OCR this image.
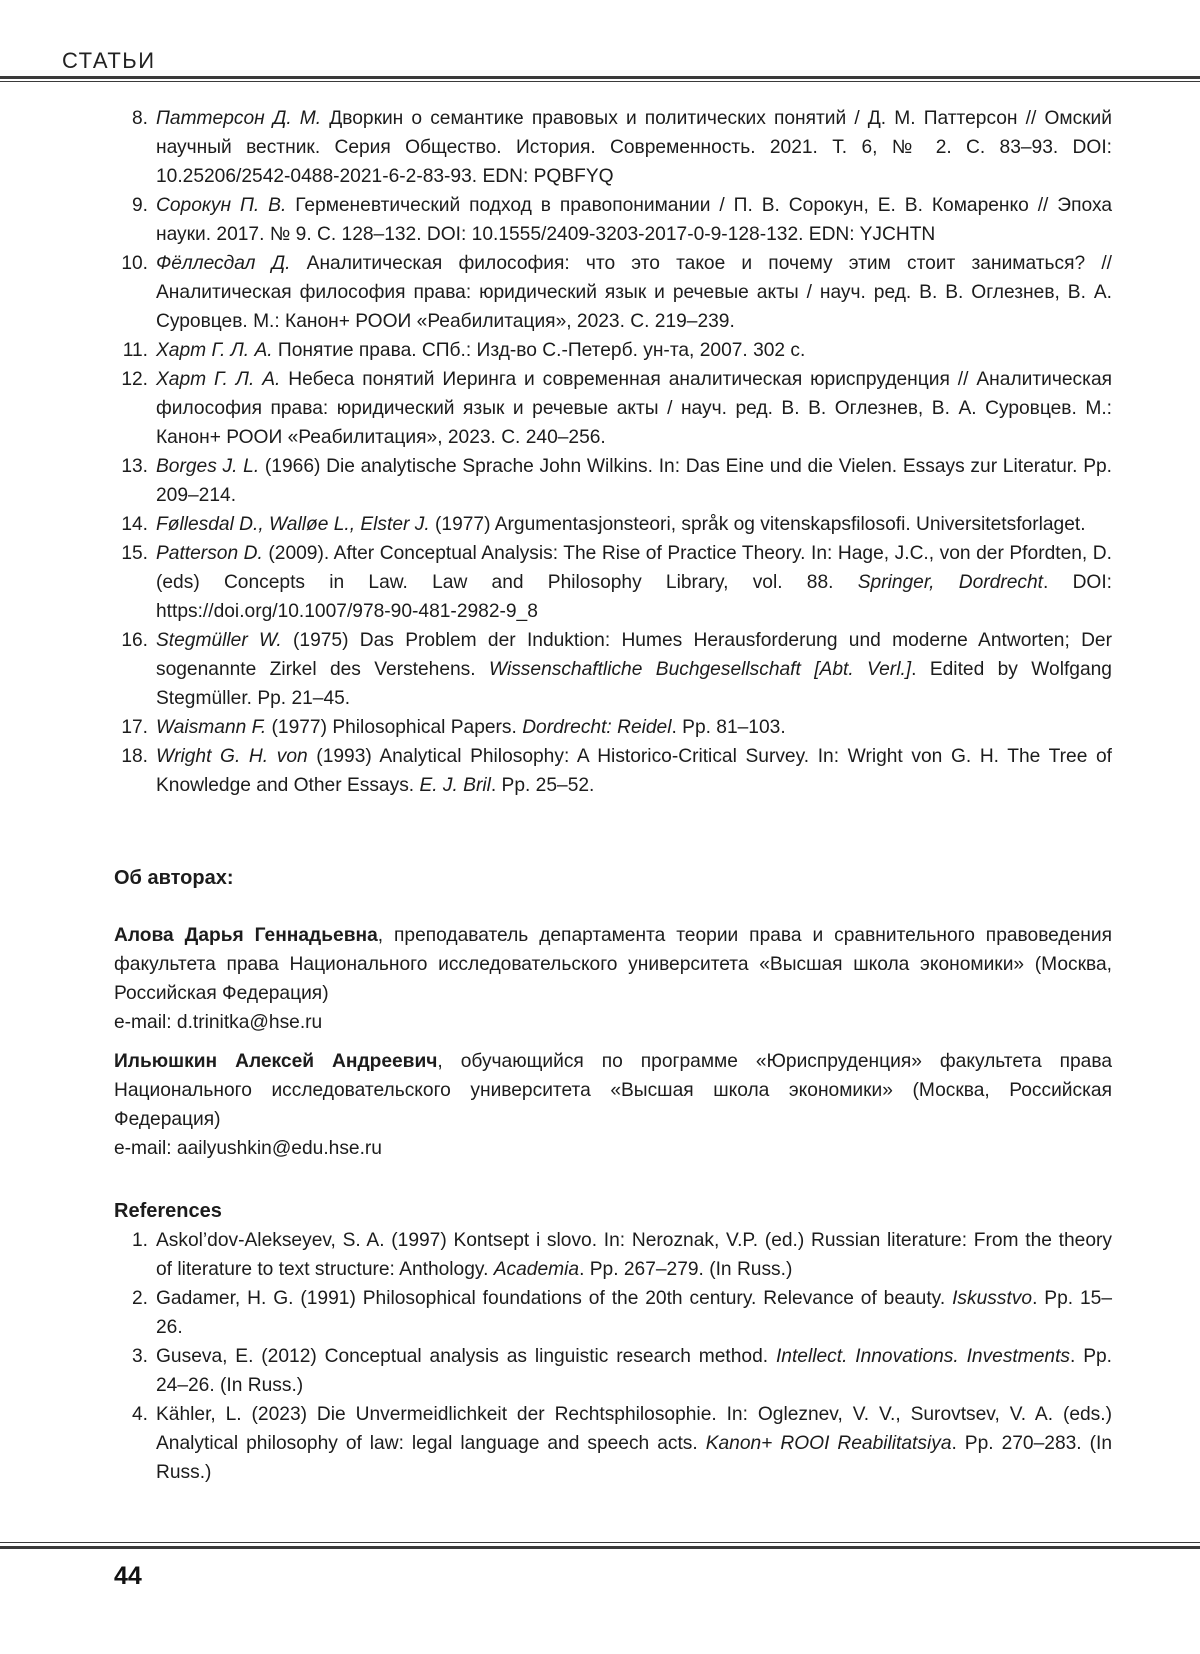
СТАТЬИ
8. Паттерсон Д. М. Дворкин о семантике правовых и политических понятий / Д. М. Паттерсон // Омский научный вестник. Серия Общество. История. Современность. 2021. Т. 6, № 2. С. 83–93. DOI: 10.25206/2542-0488-2021-6-2-83-93. EDN: PQBFYQ
9. Сорокун П. В. Герменевтический подход в правопонимании / П. В. Сорокун, Е. В. Комаренко // Эпоха науки. 2017. № 9. С. 128–132. DOI: 10.1555/2409-3203-2017-0-9-128-132. EDN: YJCHTN
10. Фёллесдал Д. Аналитическая философия: что это такое и почему этим стоит заниматься? // Аналитическая философия права: юридический язык и речевые акты / науч. ред. В. В. Оглезнев, В. А. Суровцев. М.: Канон+ РООИ «Реабилитация», 2023. С. 219–239.
11. Харт Г. Л. А. Понятие права. СПб.: Изд-во С.-Петерб. ун-та, 2007. 302 с.
12. Харт Г. Л. А. Небеса понятий Иеринга и современная аналитическая юриспруденция // Аналитическая философия права: юридический язык и речевые акты / науч. ред. В. В. Оглезнев, В. А. Суровцев. М.: Канон+ РООИ «Реабилитация», 2023. С. 240–256.
13. Borges J. L. (1966) Die analytische Sprache John Wilkins. In: Das Eine und die Vielen. Essays zur Literatur. Pp. 209–214.
14. Føllesdal D., Walløe L., Elster J. (1977) Argumentasjonsteori, språk og vitenskapsfilosofi. Universitetsforlaget.
15. Patterson D. (2009). After Conceptual Analysis: The Rise of Practice Theory. In: Hage, J.C., von der Pfordten, D. (eds) Concepts in Law. Law and Philosophy Library, vol. 88. Springer, Dordrecht. DOI: https://doi.org/10.1007/978-90-481-2982-9_8
16. Stegmüller W. (1975) Das Problem der Induktion: Humes Herausforderung und moderne Antworten; Der sogenannte Zirkel des Verstehens. Wissenschaftliche Buchgesellschaft [Abt. Verl.]. Edited by Wolfgang Stegmüller. Pp. 21–45.
17. Waismann F. (1977) Philosophical Papers. Dordrecht: Reidel. Pp. 81–103.
18. Wright G. H. von (1993) Analytical Philosophy: A Historico-Critical Survey. In: Wright von G. H. The Tree of Knowledge and Other Essays. E. J. Bril. Pp. 25–52.

Об авторах:

Алова Дарья Геннадьевна, преподаватель департамента теории права и сравнительного правоведения факультета права Национального исследовательского университета «Высшая школа экономики» (Москва, Российская Федерация)

e-mail: d.trinitka@hse.ru

Ильюшкин Алексей Андреевич, обучающийся по программе «Юриспруденция» факультета права Национального исследовательского университета «Высшая школа экономики» (Москва, Российская Федерация)

e-mail: aailyushkin@edu.hse.ru

References

1. Askol’dov-Alekseyev, S. A. (1997) Kontsept i slovo. In: Neroznak, V.P. (ed.) Russian literature: From the theory of literature to text structure: Anthology. Academia. Pp. 267–279. (In Russ.)
2. Gadamer, H. G. (1991) Philosophical foundations of the 20th century. Relevance of beauty. Iskusstvo. Pp. 15–26.
3. Guseva, E. (2012) Conceptual analysis as linguistic research method. Intellect. Innovations. Investments. Pp. 24–26. (In Russ.)
4. Kähler, L. (2023) Die Unvermeidlichkeit der Rechtsphilosophie. In: Ogleznev, V. V., Surovtsev, V. A. (eds.) Analytical philosophy of law: legal language and speech acts. Kanon+ ROOI Reabilitatsiya. Pp. 270–283. (In Russ.)
44
